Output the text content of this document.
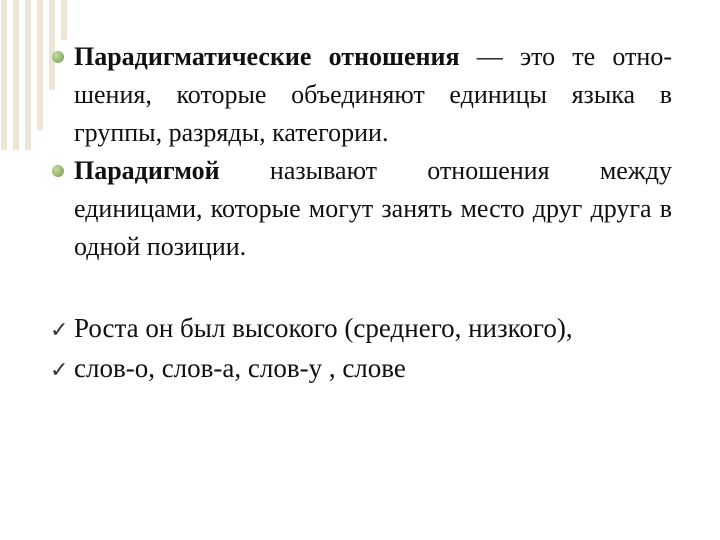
Парадигматические отношения — это те отно-шения, которые объединяют единицы языка в группы, разряды, категории.
Парадигмой называют отношения между единицами, которые могут занять место друг друга в одной позиции.
✓ Роста он был высокого (среднего, низкого),
✓ слов-о, слов-а, слов-у , слове
